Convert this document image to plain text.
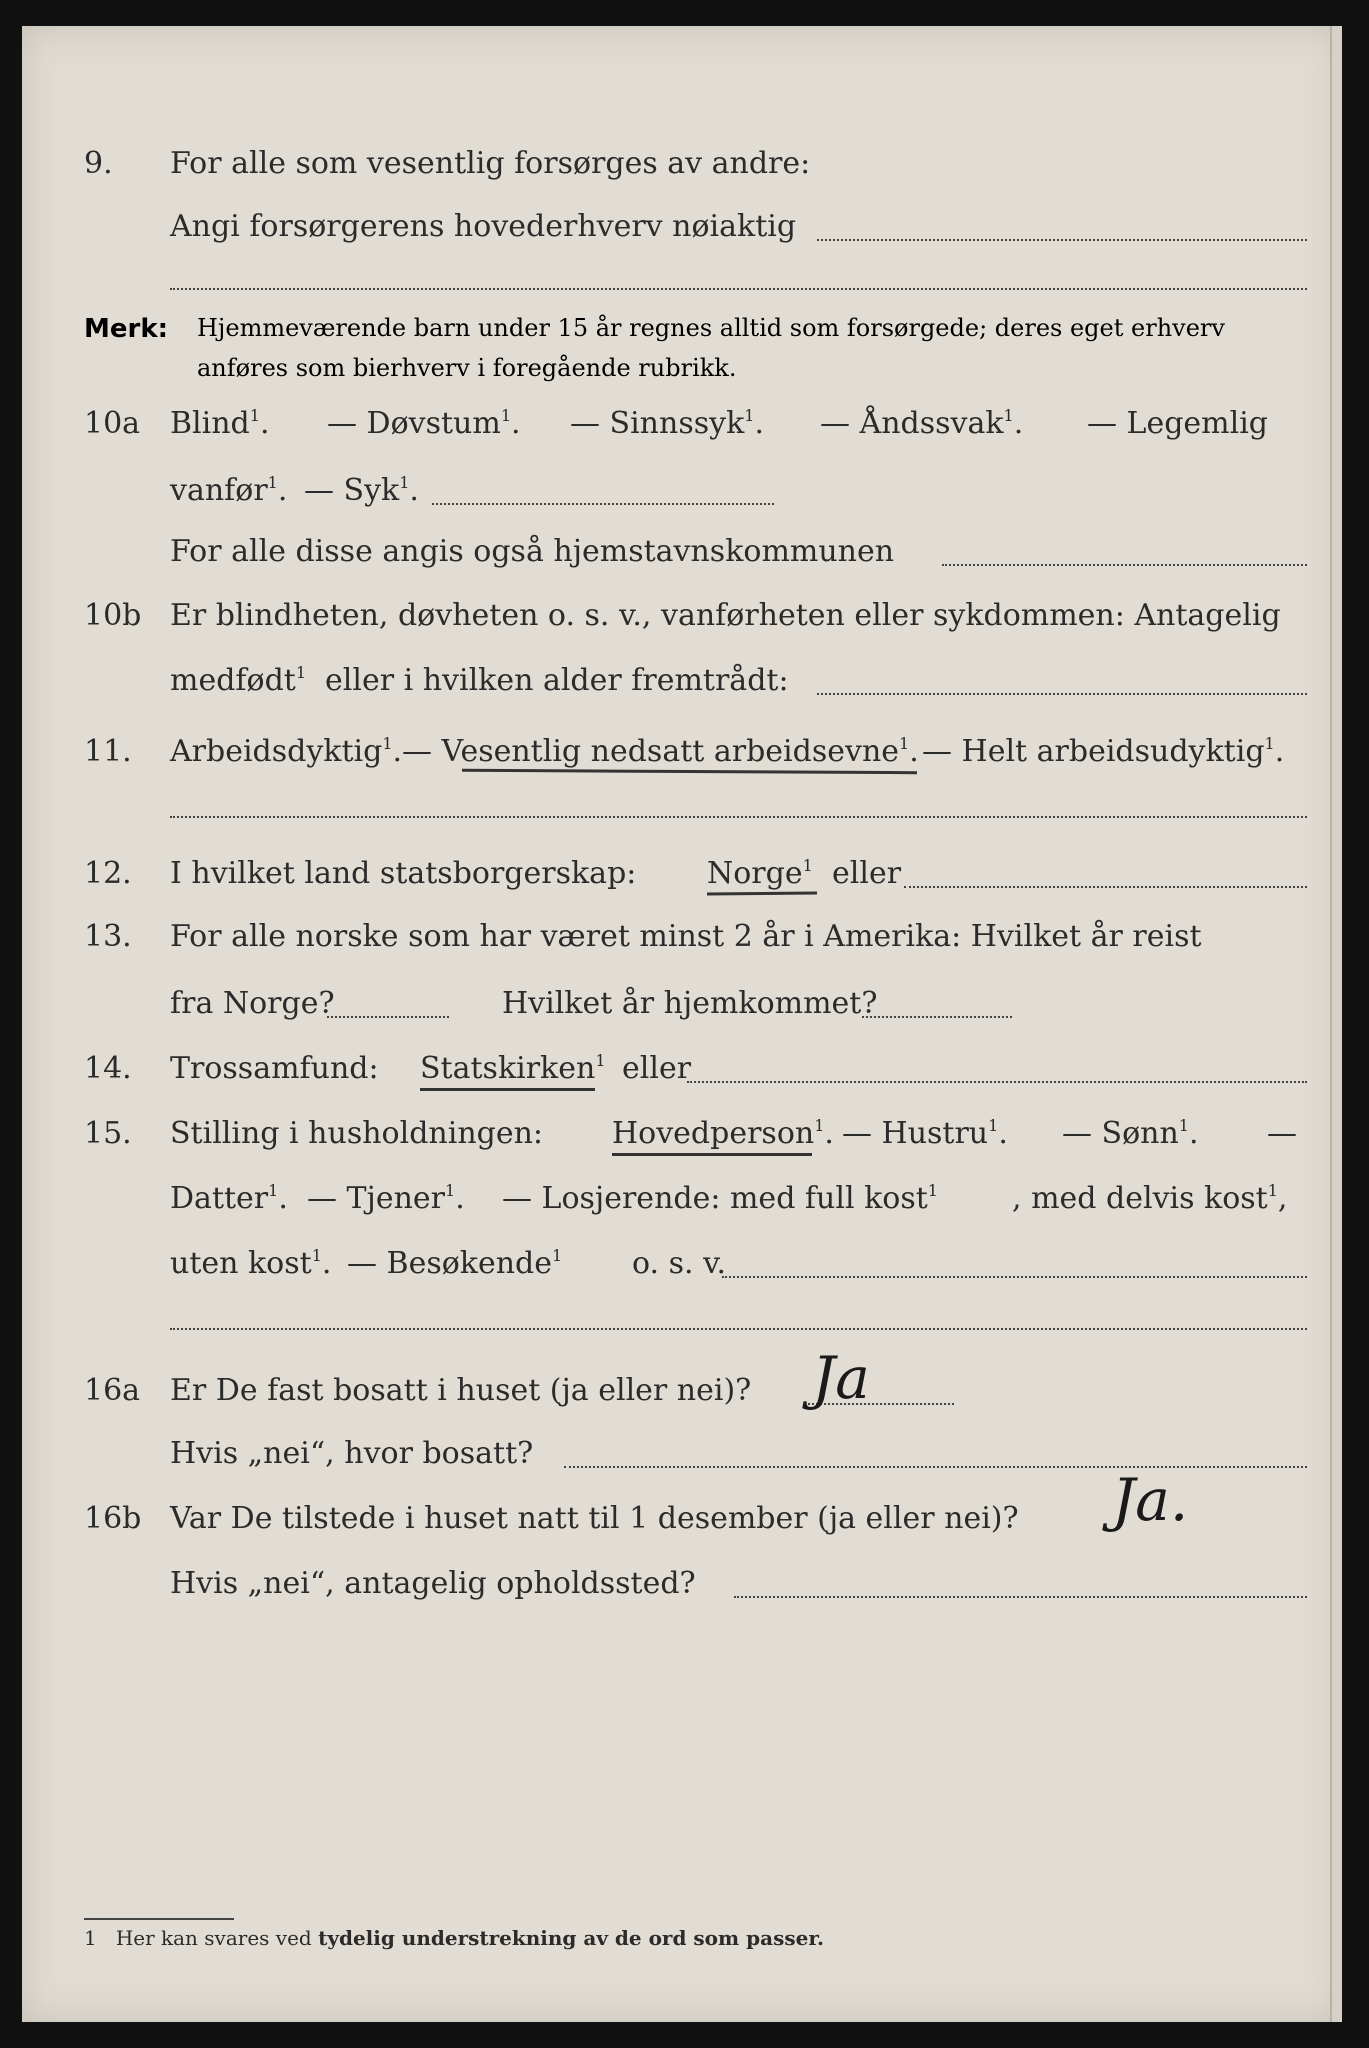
9. For alle som vesentlig forsørges av andre:
Angi forsørgerens hovederhverv nøiaktig
Merk: Hjemmeværende barn under 15 år regnes alltid som forsørgede; deres eget erhverv
anføres som bierhverv i foregående rubrikk.
10a Blind$^1$. — Døvstum$^1$. — Sinnssyk$^1$. — Åndssvak$^1$. — Legemlig
vanfør$^1$. — Syk$^1$.
For alle disse angis også hjemstavnskommunen
10b Er blindheten, døvheten o. s. v., vanførheten eller sykdommen: Antagelig
medfødt$^1$ eller i hvilken alder fremtrådt:
11. Arbeidsdyktig$^1$. — Vesentlig nedsatt arbeidsevne$^1$. — Helt arbeidsudyktig$^1$.
12. I hvilket land statsborgerskap: Norge$^1$ eller
13. For alle norske som har været minst 2 år i Amerika: Hvilket år reist
fra Norge?	Hvilket år hjemkommet?
14. Trossamfund: Statskirken$^1$ eller
15. Stilling i husholdningen: Hovedperson$^1$. — Hustru$^1$. — Sønn$^1$. —
Datter$^1$. — Tjener$^1$. — Losjerende: med full kost$^1$ , med delvis kost$^1$,
uten kost$^1$. — Besøkende$^1$ o. s. v.
16a Er De fast bosatt i huset (ja eller nei)? Ja
Hvis „nei“, hvor bosatt?
16b Var De tilstede i huset natt til 1 desember (ja eller nei)? Ja.
Hvis „nei“, antagelig opholdssted?
1 Her kan svares ved tydelig understrekning av de ord som passer.
